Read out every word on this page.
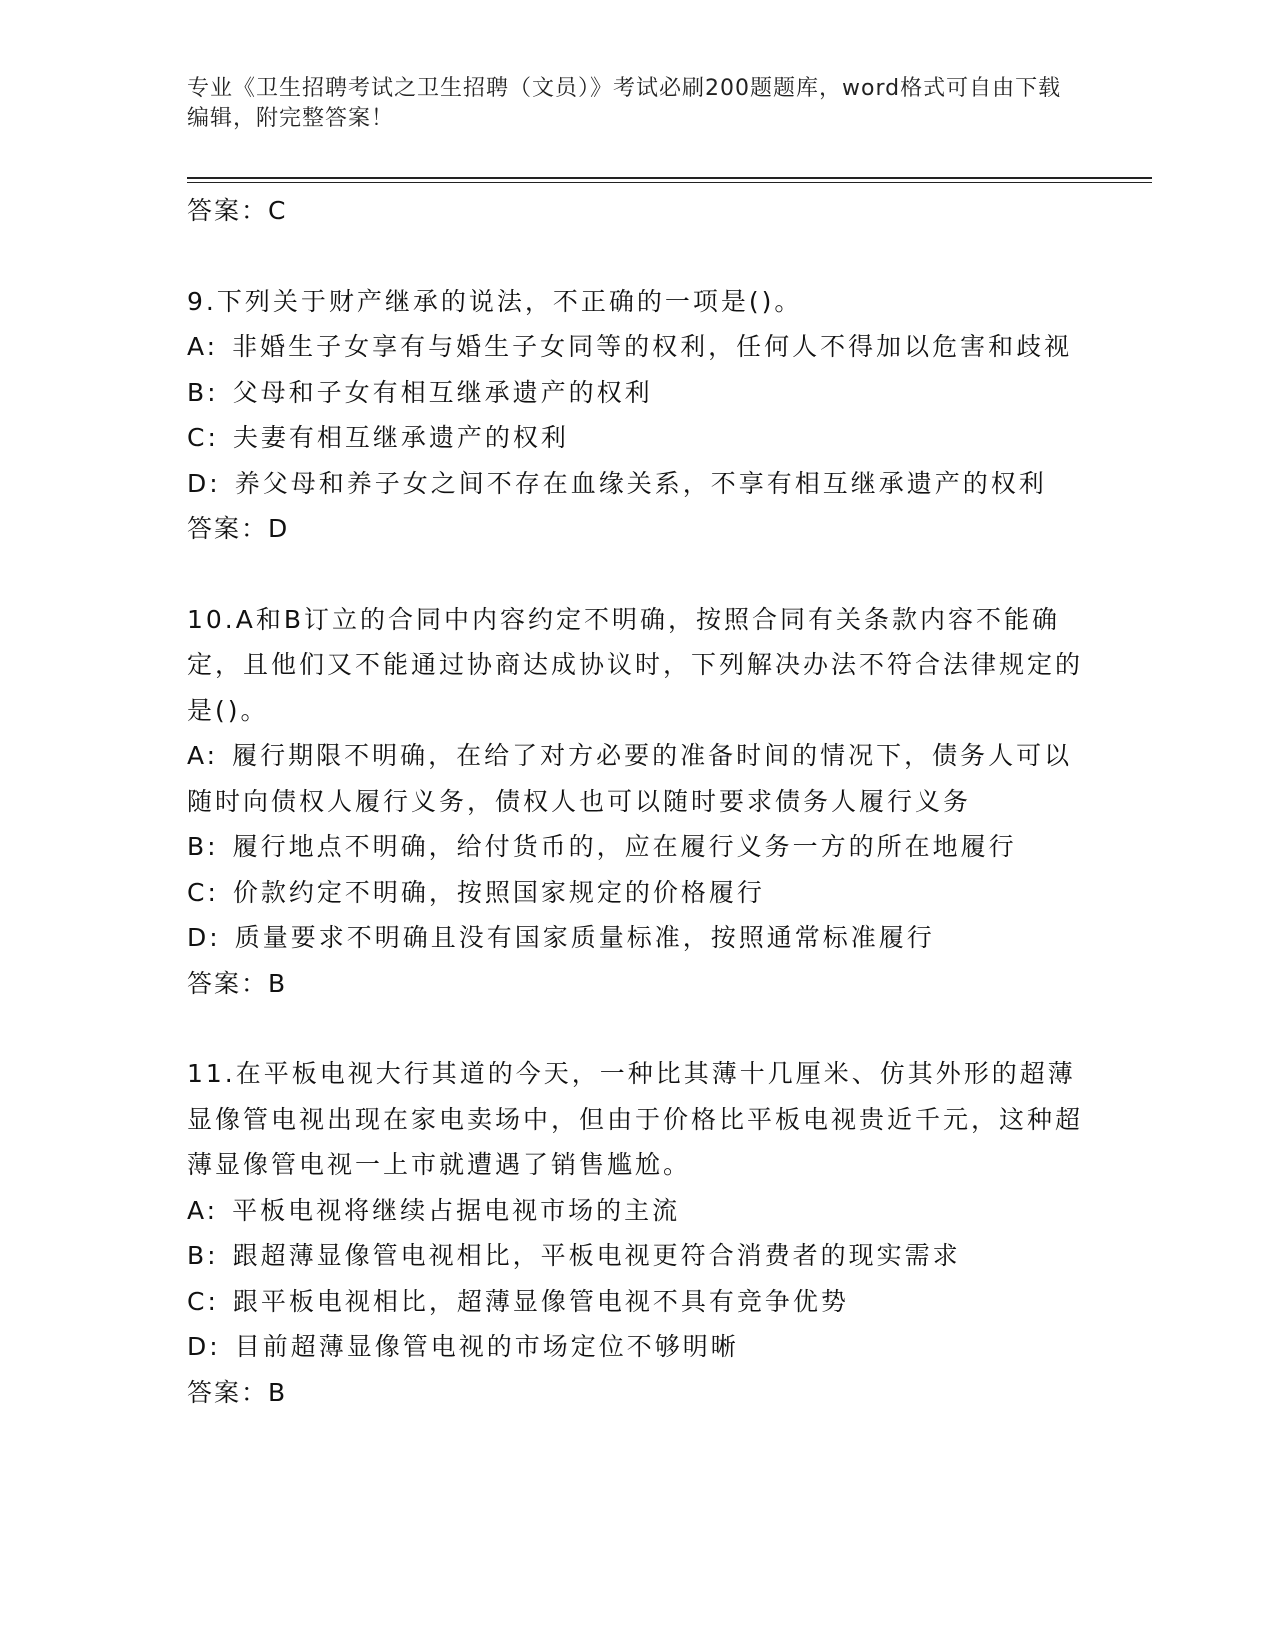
专业《卫生招聘考试之卫生招聘（文员）》考试必刷200题题库，word格式可自由下载编辑，附完整答案！
答案：C
9.下列关于财产继承的说法，不正确的一项是()。
A: 非婚生子女享有与婚生子女同等的权利，任何人不得加以危害和歧视
B: 父母和子女有相互继承遗产的权利
C: 夫妻有相互继承遗产的权利
D: 养父母和养子女之间不存在血缘关系，不享有相互继承遗产的权利
答案：D
10.A和B订立的合同中内容约定不明确，按照合同有关条款内容不能确定，且他们又不能通过协商达成协议时，下列解决办法不符合法律规定的是()。
A: 履行期限不明确，在给了对方必要的准备时间的情况下，债务人可以随时向债权人履行义务，债权人也可以随时要求债务人履行义务
B: 履行地点不明确，给付货币的，应在履行义务一方的所在地履行
C: 价款约定不明确，按照国家规定的价格履行
D: 质量要求不明确且没有国家质量标准，按照通常标准履行
答案：B
11.在平板电视大行其道的今天，一种比其薄十几厘米、仿其外形的超薄显像管电视出现在家电卖场中，但由于价格比平板电视贵近千元，这种超薄显像管电视一上市就遭遇了销售尴尬。
A: 平板电视将继续占据电视市场的主流
B: 跟超薄显像管电视相比，平板电视更符合消费者的现实需求
C: 跟平板电视相比，超薄显像管电视不具有竞争优势
D: 目前超薄显像管电视的市场定位不够明晰
答案：B
